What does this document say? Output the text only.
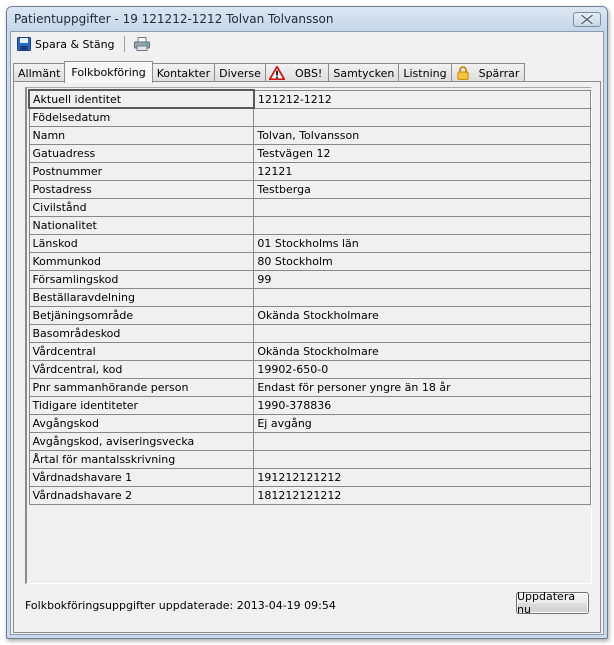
Patientuppgifter - 19 121212-1212 Tolvan Tolvansson
Spara & Stäng
Allmänt Folkbokföring Kontakter Diverse	OBS! Samtycken Listning	Spärrar
Aktuell identitet	121212-1212
Födelsedatum	
Namn	Tolvan, Tolvansson
Gatuadress	Testvägen 12
Postnummer	12121
Postadress	Testberga
Civilstånd	
Nationalitet	
Länskod	01 Stockholms län
Kommunkod	80 Stockholm
Församlingskod	99
Beställaravdelning	
Betjäningsområde	Okända Stockholmare
Basområdeskod	
Vårdcentral	Okända Stockholmare
Vårdcentral, kod	19902-650-0
Pnr sammanhörande person	Endast för personer yngre än 18 år
Tidigare identiteter	1990-378836
Avgångskod	Ej avgång
Avgångskod, aviseringsvecka	
Årtal för mantalsskrivning	
Vårdnadshavare 1	191212121212
Vårdnadshavare 2	181212121212
Folkbokföringsuppgifter uppdaterade: 2013-04-19 09:54
Uppdatera nu
